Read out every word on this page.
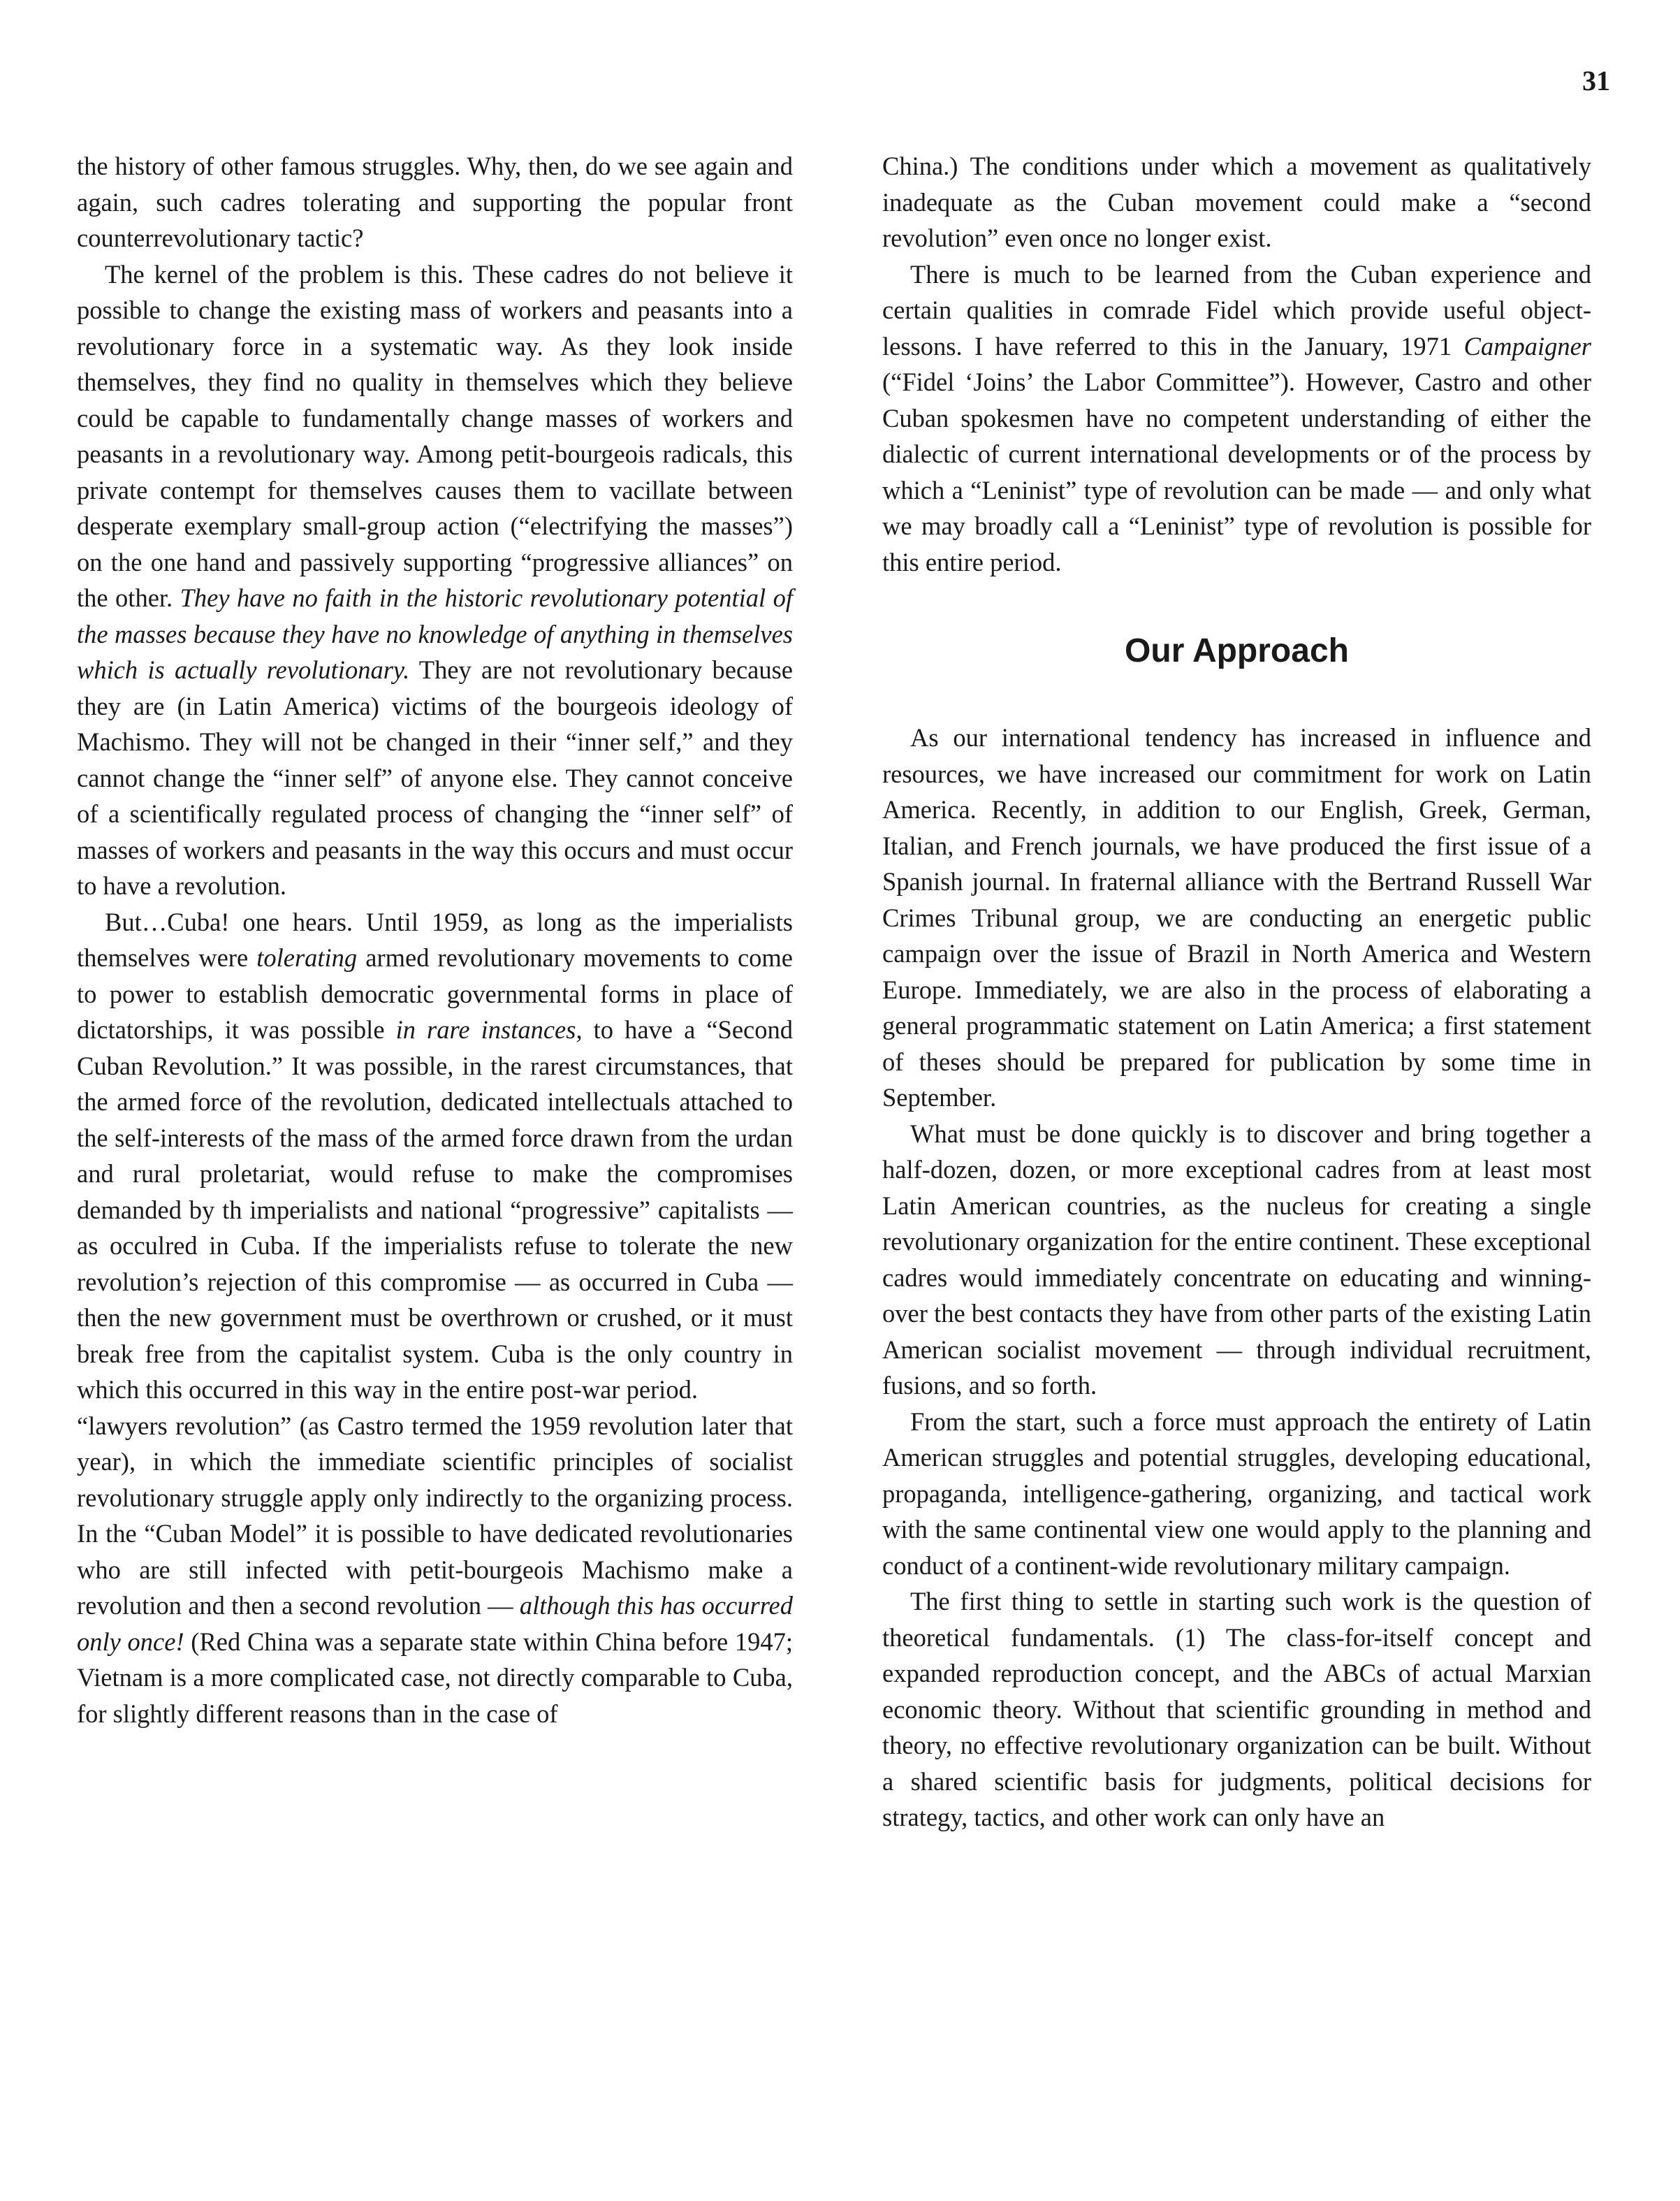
31

the history of other famous struggles. Why, then, do we see again and again, such cadres tolerating and supporting the popular front counterrevolutionary tactic?

The kernel of the problem is this. These cadres do not believe it possible to change the existing mass of workers and peasants into a revolutionary force in a systematic way. As they look inside themselves, they find no quality in themselves which they believe could be capable to fundamentally change masses of workers and peasants in a revolutionary way. Among petit-bourgeois radicals, this private contempt for themselves causes them to vacillate between desperate exemplary small-group action (“electrifying the masses”) on the one hand and passively supporting “progressive alliances” on the other. They have no faith in the historic revolutionary potential of the masses because they have no knowledge of anything in themselves which is actually revolutionary. They are not revolutionary because they are (in Latin America) victims of the bourgeois ideology of Machismo. They will not be changed in their “inner self,” and they cannot change the “inner self” of anyone else. They cannot conceive of a scientifically regulated process of changing the “inner self” of masses of workers and peasants in the way this occurs and must occur to have a revolution.

But…Cuba! one hears. Until 1959, as long as the imperialists themselves were tolerating armed revolutionary movements to come to power to establish democratic governmental forms in place of dictatorships, it was possible in rare instances, to have a “Second Cuban Revolution.” It was possible, in the rarest circumstances, that the armed force of the revolution, dedicated intellectuals attached to the self-interests of the mass of the armed force drawn from the urdan and rural proletariat, would refuse to make the compromises demanded by th imperialists and national “progressive” capitalists — as occulred in Cuba. If the imperialists refuse to tolerate the new revolution’s rejection of this compromise — as occurred in Cuba — then the new government must be overthrown or crushed, or it must break free from the capitalist system. Cuba is the only country in which this occurred in this way in the entire post-war period.

“lawyers revolution” (as Castro termed the 1959 revolution later that year), in which the immediate scientific principles of socialist revolutionary struggle apply only indirectly to the organizing process. In the “Cuban Model” it is possible to have dedicated revolutionaries who are still infected with petit-bourgeois Machismo make a revolution and then a second revolution — although this has occurred only once! (Red China was a separate state within China before 1947; Vietnam is a more complicated case, not directly comparable to Cuba, for slightly different reasons than in the case of

China.) The conditions under which a movement as qualitatively inadequate as the Cuban movement could make a “second revolution” even once no longer exist.

There is much to be learned from the Cuban experience and certain qualities in comrade Fidel which provide useful object-lessons. I have referred to this in the January, 1971 Campaigner (“Fidel ‘Joins’ the Labor Committee”). However, Castro and other Cuban spokesmen have no competent understanding of either the dialectic of current international developments or of the process by which a “Leninist” type of revolution can be made — and only what we may broadly call a “Leninist” type of revolution is possible for this entire period.

Our Approach

As our international tendency has increased in influence and resources, we have increased our commitment for work on Latin America. Recently, in addition to our English, Greek, German, Italian, and French journals, we have produced the first issue of a Spanish journal. In fraternal alliance with the Bertrand Russell War Crimes Tribunal group, we are conducting an energetic public campaign over the issue of Brazil in North America and Western Europe. Immediately, we are also in the process of elaborating a general programmatic statement on Latin America; a first statement of theses should be prepared for publication by some time in September.

What must be done quickly is to discover and bring together a half-dozen, dozen, or more exceptional cadres from at least most Latin American countries, as the nucleus for creating a single revolutionary organization for the entire continent. These exceptional cadres would immediately concentrate on educating and winning-over the best contacts they have from other parts of the existing Latin American socialist movement — through individual recruitment, fusions, and so forth.

From the start, such a force must approach the entirety of Latin American struggles and potential struggles, developing educational, propaganda, intelligence-gathering, organizing, and tactical work with the same continental view one would apply to the planning and conduct of a continent-wide revolutionary military campaign.

The first thing to settle in starting such work is the question of theoretical fundamentals. (1) The class-for-itself concept and expanded reproduction concept, and the ABCs of actual Marxian economic theory. Without that scientific grounding in method and theory, no effective revolutionary organization can be built. Without a shared scientific basis for judgments, political decisions for strategy, tactics, and other work can only have an
